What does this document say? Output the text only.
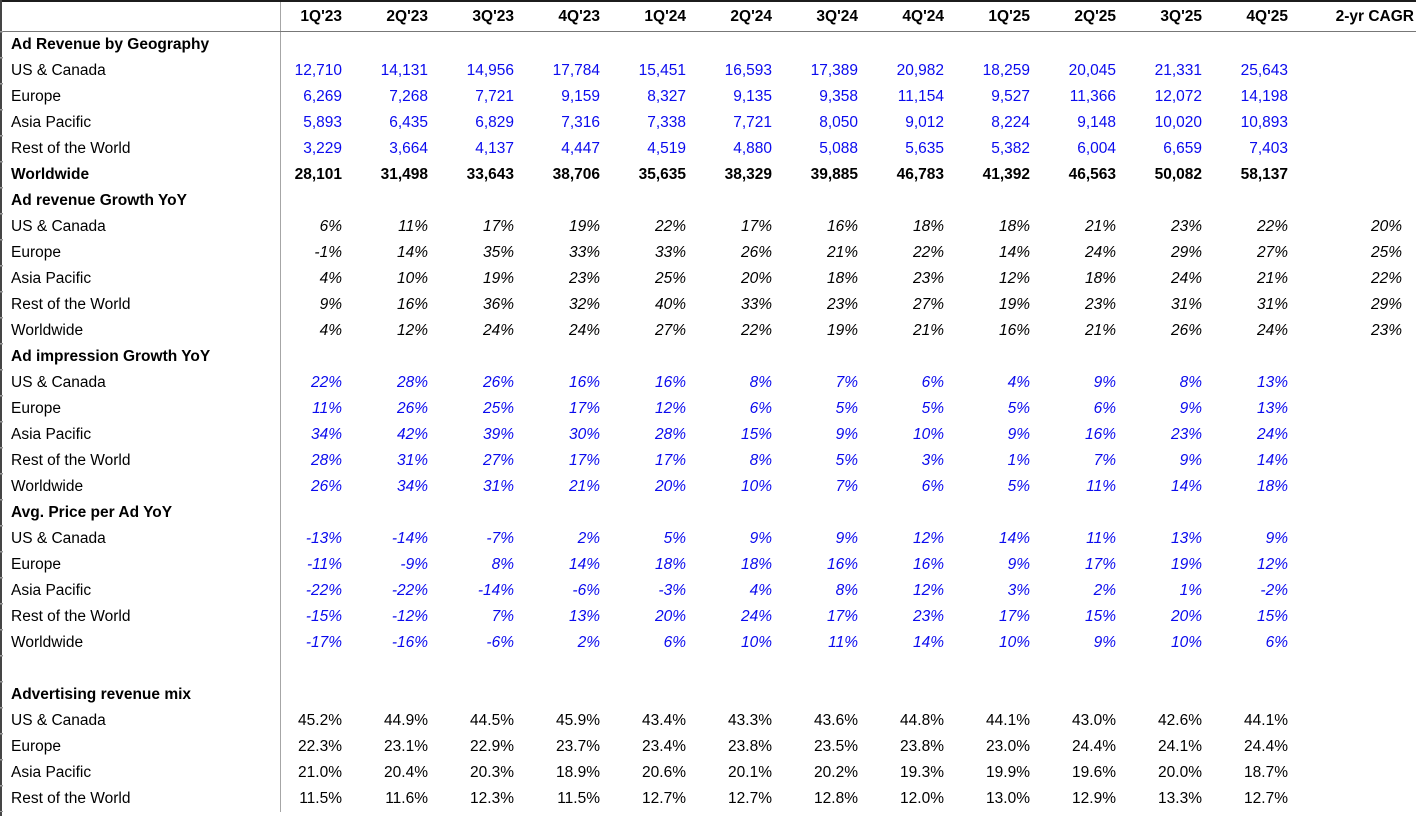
	1Q'23	2Q'23	3Q'23	4Q'23	1Q'24	2Q'24	3Q'24	4Q'24	1Q'25	2Q'25	3Q'25	4Q'25	2-yr CAGR
Ad Revenue by Geography													
US & Canada	12,710	14,131	14,956	17,784	15,451	16,593	17,389	20,982	18,259	20,045	21,331	25,643	
Europe	6,269	7,268	7,721	9,159	8,327	9,135	9,358	11,154	9,527	11,366	12,072	14,198	
Asia Pacific	5,893	6,435	6,829	7,316	7,338	7,721	8,050	9,012	8,224	9,148	10,020	10,893	
Rest of the World	3,229	3,664	4,137	4,447	4,519	4,880	5,088	5,635	5,382	6,004	6,659	7,403	
Worldwide	28,101	31,498	33,643	38,706	35,635	38,329	39,885	46,783	41,392	46,563	50,082	58,137	
Ad revenue Growth YoY													
US & Canada	6%	11%	17%	19%	22%	17%	16%	18%	18%	21%	23%	22%	20%
Europe	-1%	14%	35%	33%	33%	26%	21%	22%	14%	24%	29%	27%	25%
Asia Pacific	4%	10%	19%	23%	25%	20%	18%	23%	12%	18%	24%	21%	22%
Rest of the World	9%	16%	36%	32%	40%	33%	23%	27%	19%	23%	31%	31%	29%
Worldwide	4%	12%	24%	24%	27%	22%	19%	21%	16%	21%	26%	24%	23%
Ad impression Growth YoY													
US & Canada	22%	28%	26%	16%	16%	8%	7%	6%	4%	9%	8%	13%	
Europe	11%	26%	25%	17%	12%	6%	5%	5%	5%	6%	9%	13%	
Asia Pacific	34%	42%	39%	30%	28%	15%	9%	10%	9%	16%	23%	24%	
Rest of the World	28%	31%	27%	17%	17%	8%	5%	3%	1%	7%	9%	14%	
Worldwide	26%	34%	31%	21%	20%	10%	7%	6%	5%	11%	14%	18%	
Avg. Price per Ad YoY													
US & Canada	-13%	-14%	-7%	2%	5%	9%	9%	12%	14%	11%	13%	9%	
Europe	-11%	-9%	8%	14%	18%	18%	16%	16%	9%	17%	19%	12%	
Asia Pacific	-22%	-22%	-14%	-6%	-3%	4%	8%	12%	3%	2%	1%	-2%	
Rest of the World	-15%	-12%	7%	13%	20%	24%	17%	23%	17%	15%	20%	15%	
Worldwide	-17%	-16%	-6%	2%	6%	10%	11%	14%	10%	9%	10%	6%	

Advertising revenue mix													
US & Canada	45.2%	44.9%	44.5%	45.9%	43.4%	43.3%	43.6%	44.8%	44.1%	43.0%	42.6%	44.1%	
Europe	22.3%	23.1%	22.9%	23.7%	23.4%	23.8%	23.5%	23.8%	23.0%	24.4%	24.1%	24.4%	
Asia Pacific	21.0%	20.4%	20.3%	18.9%	20.6%	20.1%	20.2%	19.3%	19.9%	19.6%	20.0%	18.7%	
Rest of the World	11.5%	11.6%	12.3%	11.5%	12.7%	12.7%	12.8%	12.0%	13.0%	12.9%	13.3%	12.7%	
